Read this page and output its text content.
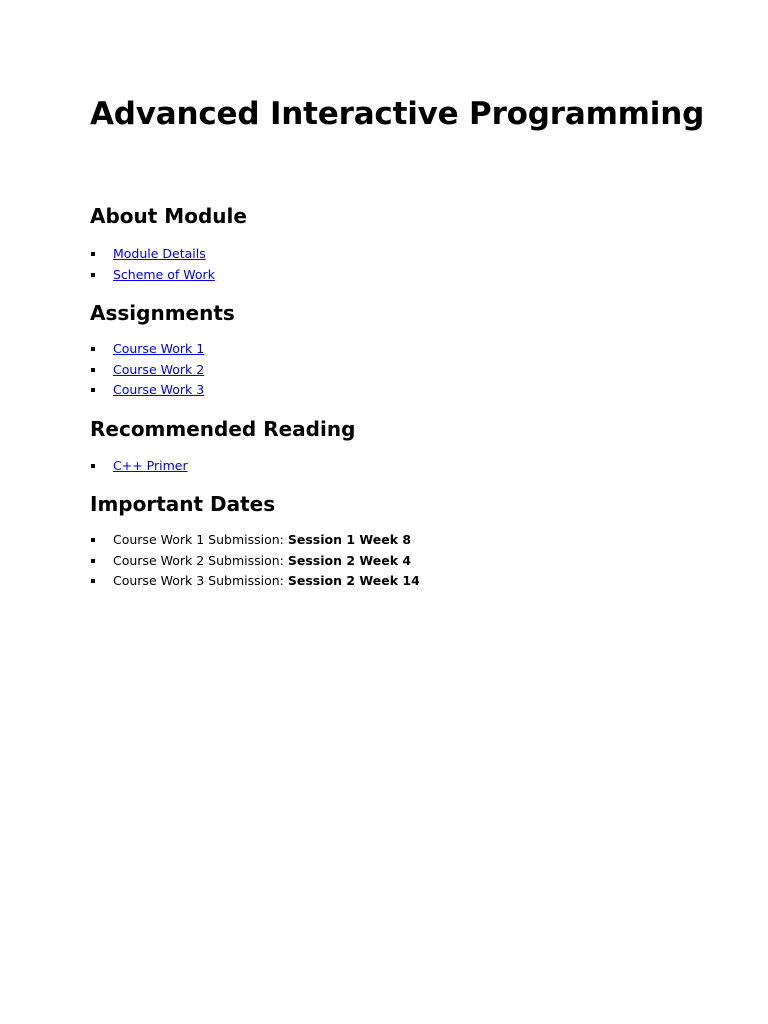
Advanced Interactive Programming
About Module
Module Details
Scheme of Work
Assignments
Course Work 1
Course Work 2
Course Work 3
Recommended Reading
C++ Primer
Important Dates
Course Work 1 Submission: Session 1 Week 8
Course Work 2 Submission: Session 2 Week 4
Course Work 3 Submission: Session 2 Week 14
